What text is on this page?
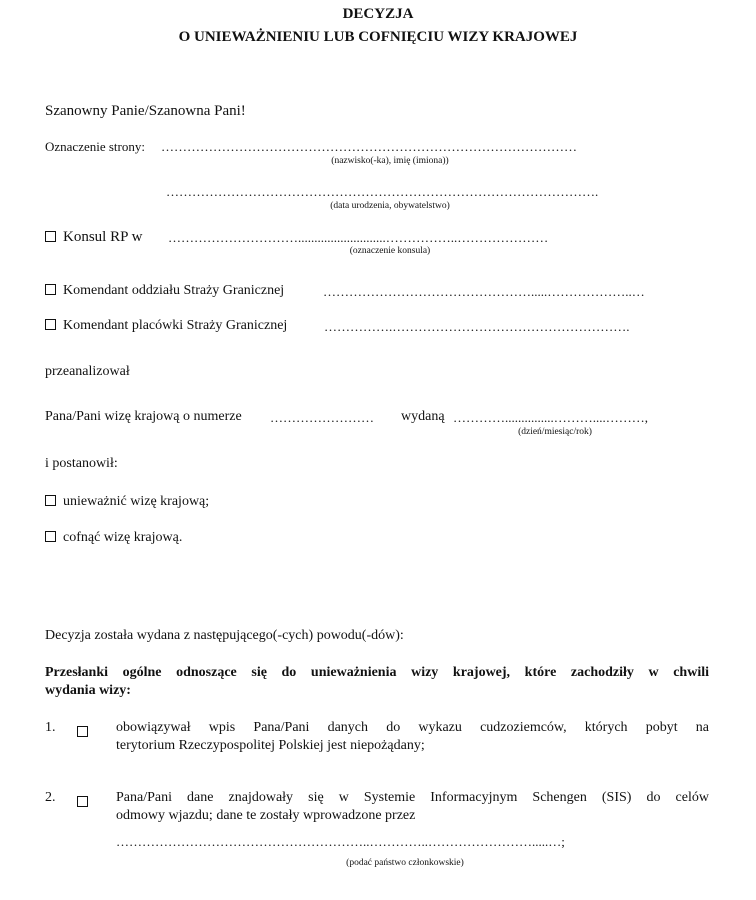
DECYZJA
O UNIEWAŻNIENIU LUB COFNIĘCIU WIZY KRAJOWEJ
Szanowny Panie/Szanowna Pani!
Oznaczenie strony: ……………………………………………………………………………………
(nazwisko(-ka), imię (imiona))
……………………………………………………………………………………….
(data urodzenia, obywatelstwo)
Konsul RP w …………………………...........................……………..…………………
(oznaczenie konsula)
Komendant oddziału Straży Granicznej	………………………………………….....………………..…
Komendant placówki Straży Granicznej	…………….……………………………………………….
przeanalizował
Pana/Pani wizę krajową o numerze …………………… wydaną …………...............………....………,
(dzień/miesiąc/rok)
i postanowił:
unieważnić wizę krajową;
cofnąć wizę krajową.
Decyzja została wydana z następującego(-cych) powodu(-dów):
Przesłanki ogólne odnoszące się do unieważnienia wizy krajowej, które zachodziły w chwili
wydania wizy:
1.	obowiązywał wpis Pana/Pani danych do wykazu cudzoziemców, których pobyt na
terytorium Rzeczypospolitej Polskiej jest niepożądany;
2.	Pana/Pani dane znajdowały się w Systemie Informacyjnym Schengen (SIS) do celów
odmowy wjazdu; dane te zostały wprowadzone przez
…………………………………………………..…………..…………………….....…;
(podać państwo członkowskie)
